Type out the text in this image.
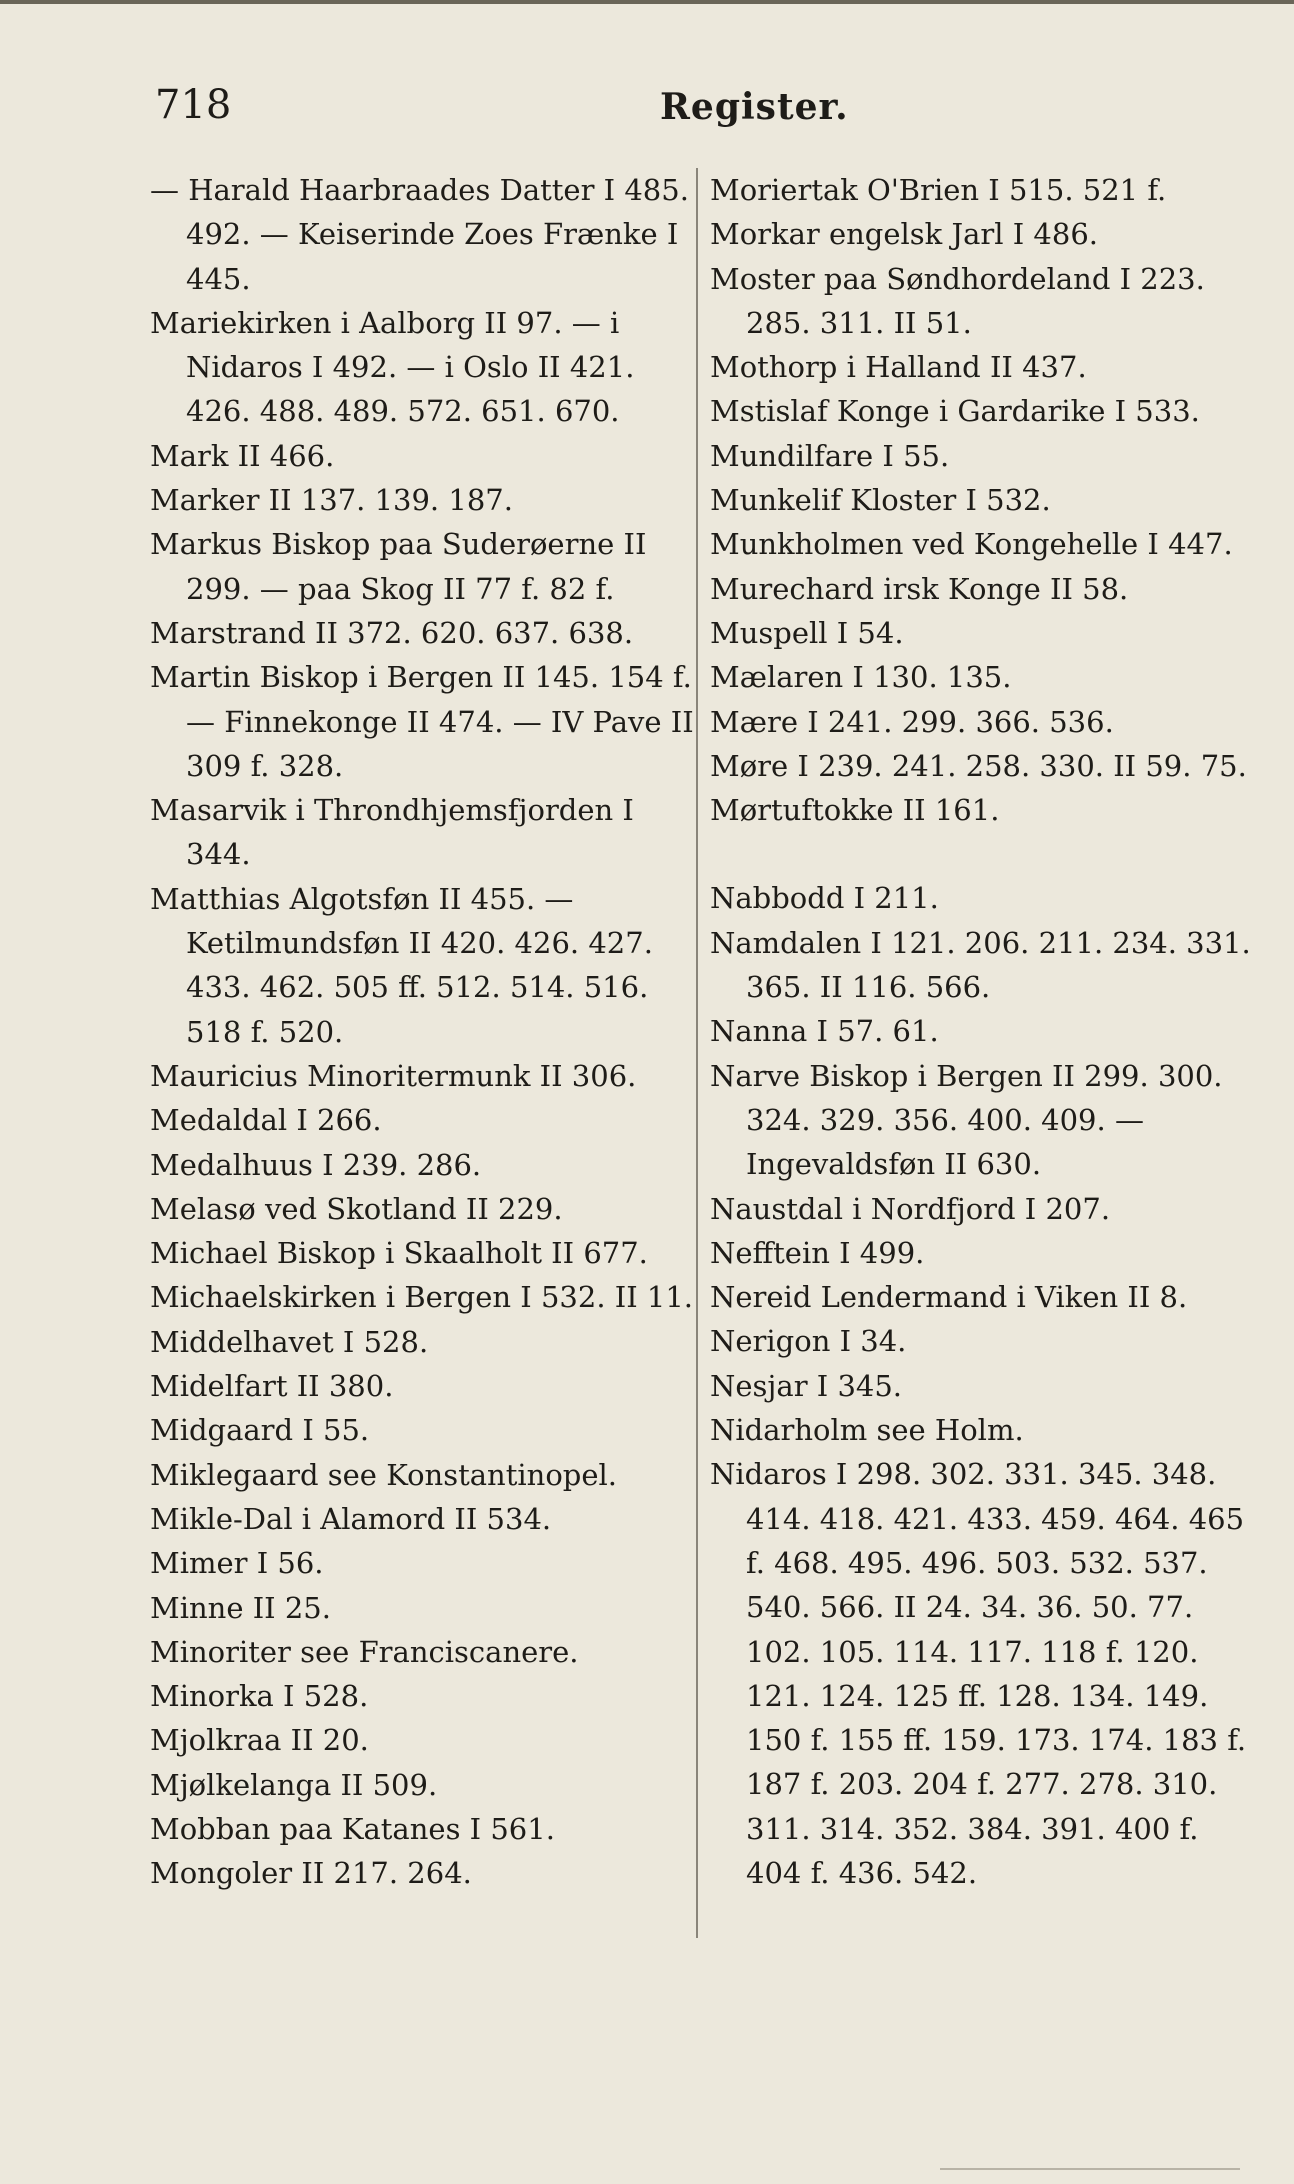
718	Register.
— Harald Haarbraades Datter I 485. 492. — Keiserinde Zoes Frænke I 445.
Mariekirken i Aalborg II 97. — i Nidaros I 492. — i Oslo II 421. 426. 488. 489. 572. 651. 670.
Mark II 466.
Marker II 137. 139. 187.
Markus Biskop paa Suderøerne II 299. — paa Skog II 77 f. 82 f.
Marstrand II 372. 620. 637. 638.
Martin Biskop i Bergen II 145. 154 f. — Finnekonge II 474. — IV Pave II 309 f. 328.
Masarvik i Throndhjemsfjorden I 344.
Matthias Algotsføn II 455. — Ketilmundsføn II 420. 426. 427. 433. 462. 505 ff. 512. 514. 516. 518 f. 520.
Mauricius Minoritermunk II 306.
Medaldal I 266.
Medalhuus I 239. 286.
Melasø ved Skotland II 229.
Michael Biskop i Skaalholt II 677.
Michaelskirken i Bergen I 532. II 11.
Middelhavet I 528.
Midelfart II 380.
Midgaard I 55.
Miklegaard see Konstantinopel.
Mikle-Dal i Alamord II 534.
Mimer I 56.
Minne II 25.
Minoriter see Franciscanere.
Minorka I 528.
Mjolkraa II 20.
Mjølkelanga II 509.
Mobban paa Katanes I 561.
Mongoler II 217. 264.
Moriertak O'Brien I 515. 521 f.
Morkar engelsk Jarl I 486.
Moster paa Søndhordeland I 223. 285. 311. II 51.
Mothorp i Halland II 437.
Mstislaf Konge i Gardarike I 533.
Mundilfare I 55.
Munkelif Kloster I 532.
Munkholmen ved Kongehelle I 447.
Murechard irsk Konge II 58.
Muspell I 54.
Mælaren I 130. 135.
Mære I 241. 299. 366. 536.
Møre I 239. 241. 258. 330. II 59. 75.
Mørtuftokke II 161.
Nabbodd I 211.
Namdalen I 121. 206. 211. 234. 331. 365. II 116. 566.
Nanna I 57. 61.
Narve Biskop i Bergen II 299. 300. 324. 329. 356. 400. 409. — Ingevaldsføn II 630.
Naustdal i Nordfjord I 207.
Nefftein I 499.
Nereid Lendermand i Viken II 8.
Nerigon I 34.
Nesjar I 345.
Nidarholm see Holm.
Nidaros I 298. 302. 331. 345. 348. 414. 418. 421. 433. 459. 464. 465 f. 468. 495. 496. 503. 532. 537. 540. 566. II 24. 34. 36. 50. 77. 102. 105. 114. 117. 118 f. 120. 121. 124. 125 ff. 128. 134. 149. 150 f. 155 ff. 159. 173. 174. 183 f. 187 f. 203. 204 f. 277. 278. 310. 311. 314. 352. 384. 391. 400 f. 404 f. 436. 542.
